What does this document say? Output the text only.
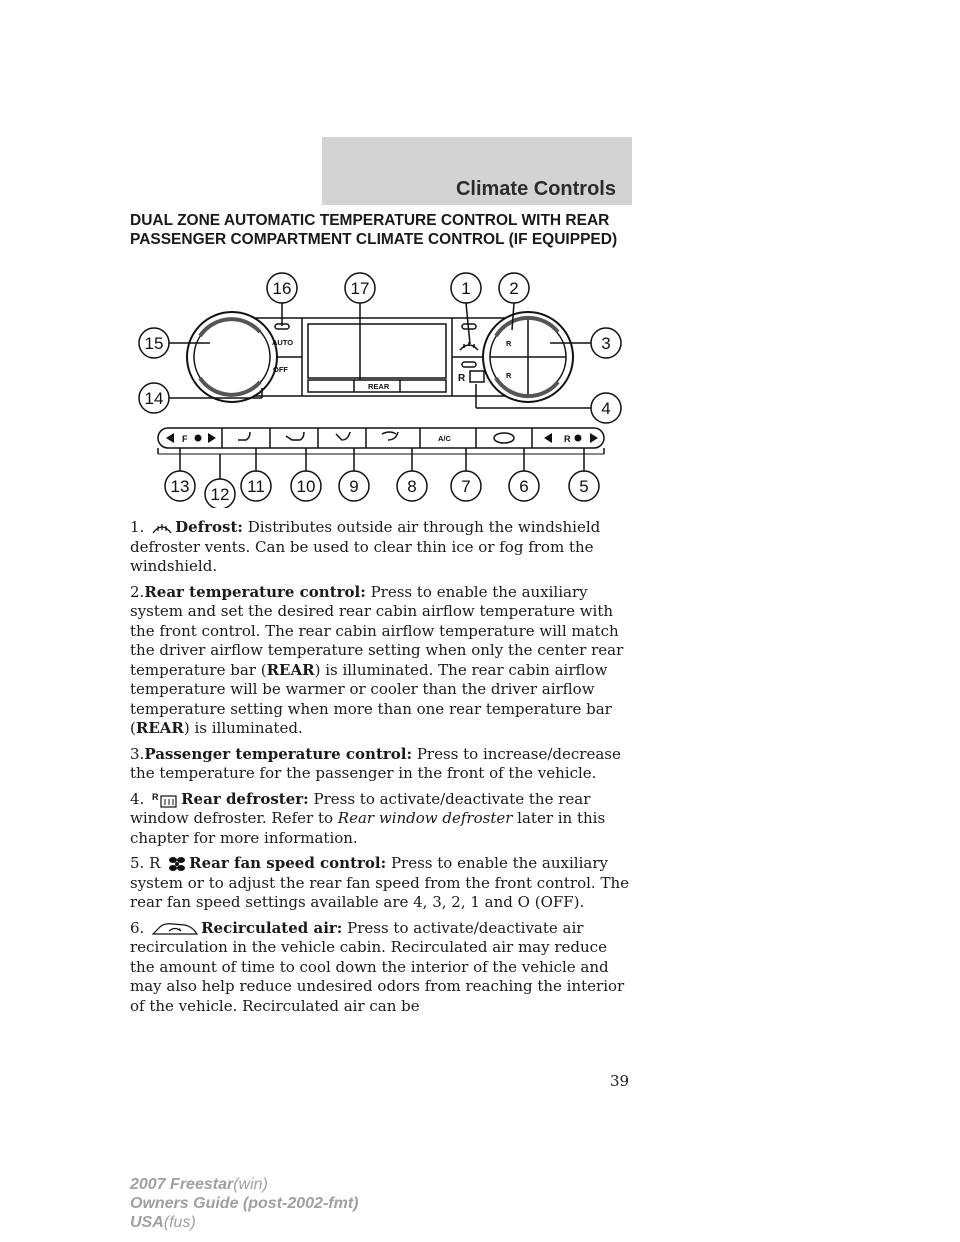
Climate Controls
DUAL ZONE AUTOMATIC TEMPERATURE CONTROL WITH REAR PASSENGER COMPARTMENT CLIMATE CONTROL (IF EQUIPPED)
16	17	1 2
15	3
14
4
13 12 11 10 9	8	7	6	5
AUTO
OFF
REAR
A/C
R
R
R
F	R

1. Defrost: Distributes outside air through the windshield defroster vents. Can be used to clear thin ice or fog from the windshield.

2.Rear temperature control: Press to enable the auxiliary system and set the desired rear cabin airflow temperature with the front control. The rear cabin airflow temperature will match the driver airflow temperature setting when only the center rear temperature bar (REAR) is illuminated. The rear cabin airflow temperature will be warmer or cooler than the driver airflow temperature setting when more than one rear temperature bar (REAR) is illuminated.

3.Passenger temperature control: Press to increase/decrease the temperature for the passenger in the front of the vehicle.

4. R Rear defroster: Press to activate/deactivate the rear window defroster. Refer to Rear window defroster later in this chapter for more information.

5. R Rear fan speed control: Press to enable the auxiliary system or to adjust the rear fan speed from the front control. The rear fan speed settings available are 4, 3, 2, 1 and O (OFF).

6.	Recirculated air: Press to activate/deactivate air recirculation in the vehicle cabin. Recirculated air may reduce the amount of time to cool down the interior of the vehicle and may also help reduce undesired odors from reaching the interior of the vehicle. Recirculated air can be

39
2007 Freestar(win)
Owners Guide (post-2002-fmt)
USA(fus)
